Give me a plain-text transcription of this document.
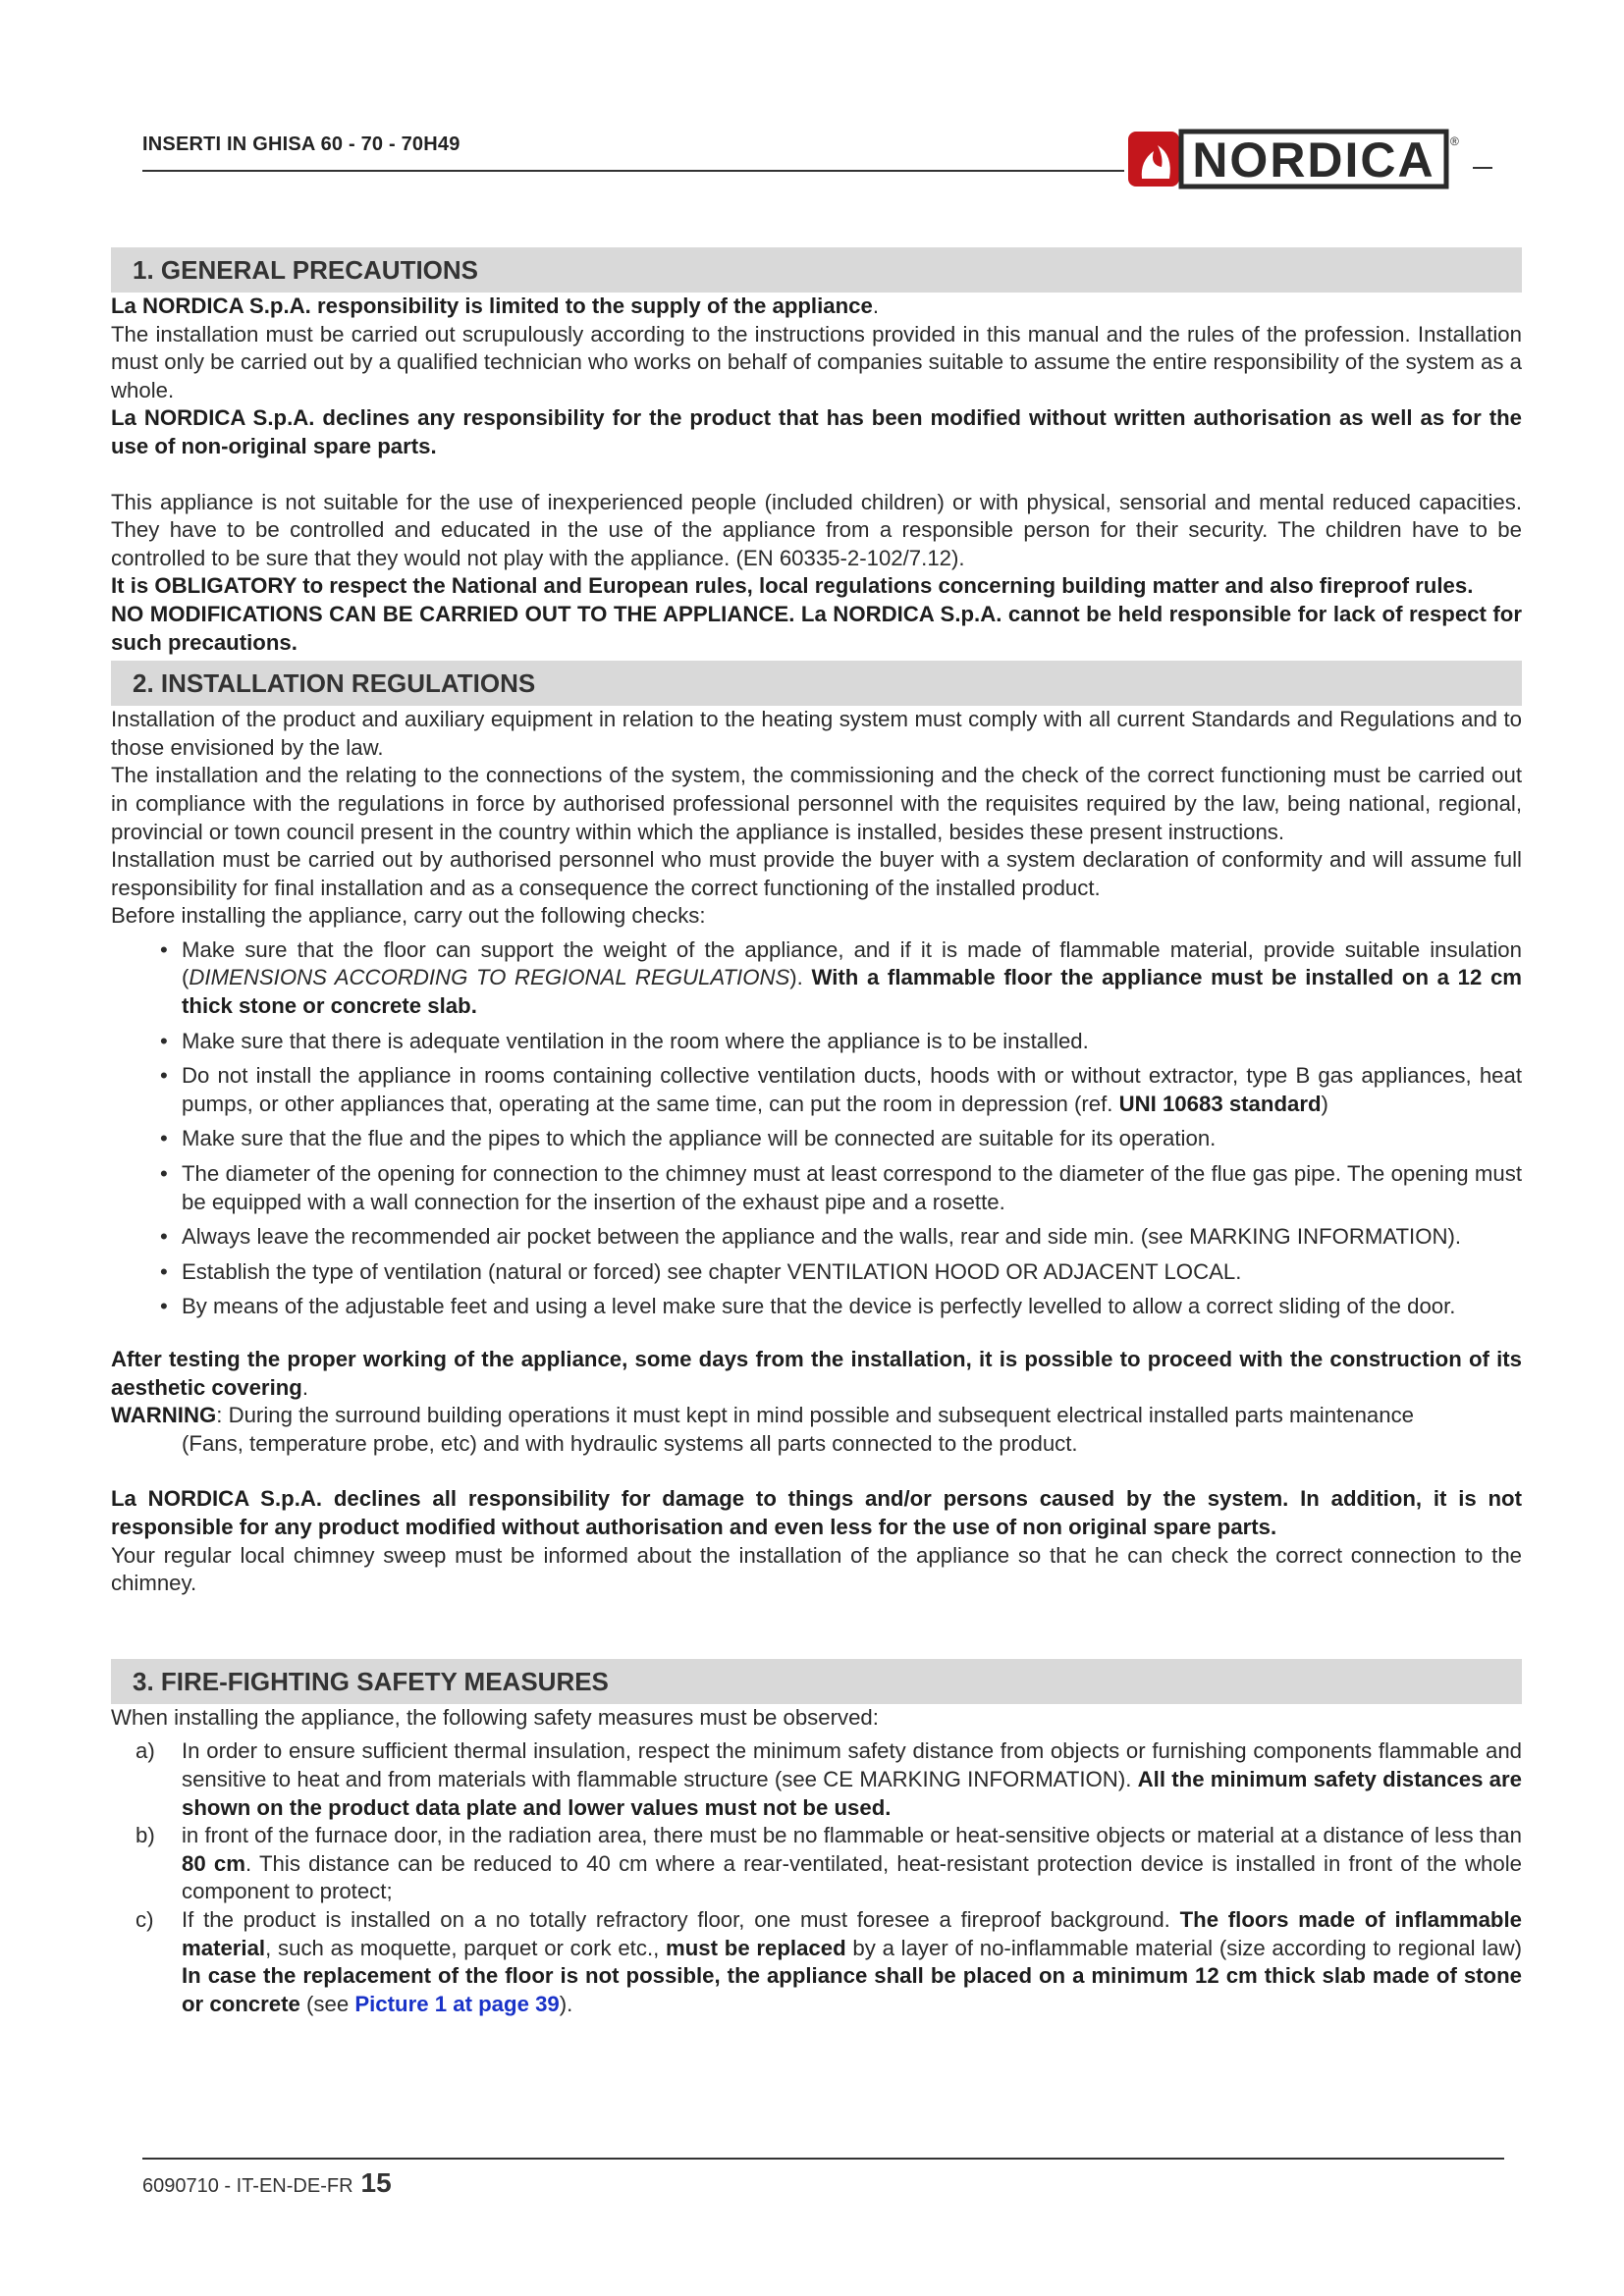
INSERTI IN GHISA 60 - 70 - 70H49	NORDICA ®
1. GENERAL PRECAUTIONS

La NORDICA S.p.A. responsibility is limited to the supply of the appliance.

The installation must be carried out scrupulously according to the instructions provided in this manual and the rules of the profession. Installation must only be carried out by a qualified technician who works on behalf of companies suitable to assume the entire responsibility of the system as a whole.

La NORDICA S.p.A. declines any responsibility for the product that has been modified without written authorisation as well as for the use of non-original spare parts.

This appliance is not suitable for the use of inexperienced people (included children) or with physical, sensorial and mental reduced capacities. They have to be controlled and educated in the use of the appliance from a responsible person for their security. The children have to be controlled to be sure that they would not play with the appliance. (EN 60335-2-102/7.12).

It is OBLIGATORY to respect the National and European rules, local regulations concerning building matter and also fireproof rules.

NO MODIFICATIONS CAN BE CARRIED OUT TO THE APPLIANCE. La NORDICA S.p.A. cannot be held responsible for lack of respect for such precautions.

2. INSTALLATION REGULATIONS

Installation of the product and auxiliary equipment in relation to the heating system must comply with all current Standards and Regulations and to those envisioned by the law.

The installation and the relating to the connections of the system, the commissioning and the check of the correct functioning must be carried out in compliance with the regulations in force by authorised professional personnel with the requisites required by the law, being national, regional, provincial or town council present in the country within which the appliance is installed, besides these present instructions.

Installation must be carried out by authorised personnel who must provide the buyer with a system declaration of conformity and will assume full responsibility for final installation and as a consequence the correct functioning of the installed product.

Before installing the appliance, carry out the following checks:

• Make sure that the floor can support the weight of the appliance, and if it is made of flammable material, provide suitable insulation (DIMENSIONS ACCORDING TO REGIONAL REGULATIONS). With a flammable floor the appliance must be installed on a 12 cm thick stone or concrete slab.
• Make sure that there is adequate ventilation in the room where the appliance is to be installed.
• Do not install the appliance in rooms containing collective ventilation ducts, hoods with or without extractor, type B gas appliances, heat pumps, or other appliances that, operating at the same time, can put the room in depression (ref. UNI 10683 standard)
• Make sure that the flue and the pipes to which the appliance will be connected are suitable for its operation.
• The diameter of the opening for connection to the chimney must at least correspond to the diameter of the flue gas pipe. The opening must be equipped with a wall connection for the insertion of the exhaust pipe and a rosette.
• Always leave the recommended air pocket between the appliance and the walls, rear and side min. (see MARKING INFORMATION).
• Establish the type of ventilation (natural or forced) see chapter VENTILATION HOOD OR ADJACENT LOCAL.
• By means of the adjustable feet and using a level make sure that the device is perfectly levelled to allow a correct sliding of the door.

After testing the proper working of the appliance, some days from the installation, it is possible to proceed with the construction of its aesthetic covering.

WARNING: During the surround building operations it must kept in mind possible and subsequent electrical installed parts maintenance

(Fans, temperature probe, etc) and with hydraulic systems all parts connected to the product.

La NORDICA S.p.A. declines all responsibility for damage to things and/or persons caused by the system. In addition, it is not responsible for any product modified without authorisation and even less for the use of non original spare parts.

Your regular local chimney sweep must be informed about the installation of the appliance so that he can check the correct connection to the chimney.

3. FIRE-FIGHTING SAFETY MEASURES

When installing the appliance, the following safety measures must be observed:

a) In order to ensure sufficient thermal insulation, respect the minimum safety distance from objects or furnishing components flammable and sensitive to heat and from materials with flammable structure (see CE MARKING INFORMATION). All the minimum safety distances are shown on the product data plate and lower values must not be used.
b) in front of the furnace door, in the radiation area, there must be no flammable or heat-sensitive objects or material at a distance of less than 80 cm. This distance can be reduced to 40 cm where a rear-ventilated, heat-resistant protection device is installed in front of the whole component to protect;
c) If the product is installed on a no totally refractory floor, one must foresee a fireproof background. The floors made of inflammable material, such as moquette, parquet or cork etc., must be replaced by a layer of no-inflammable material (size according to regional law) In case the replacement of the floor is not possible, the appliance shall be placed on a minimum 12 cm thick slab made of stone or concrete (see Picture 1 at page 39).
6090710 - IT-EN-DE-FR 15
